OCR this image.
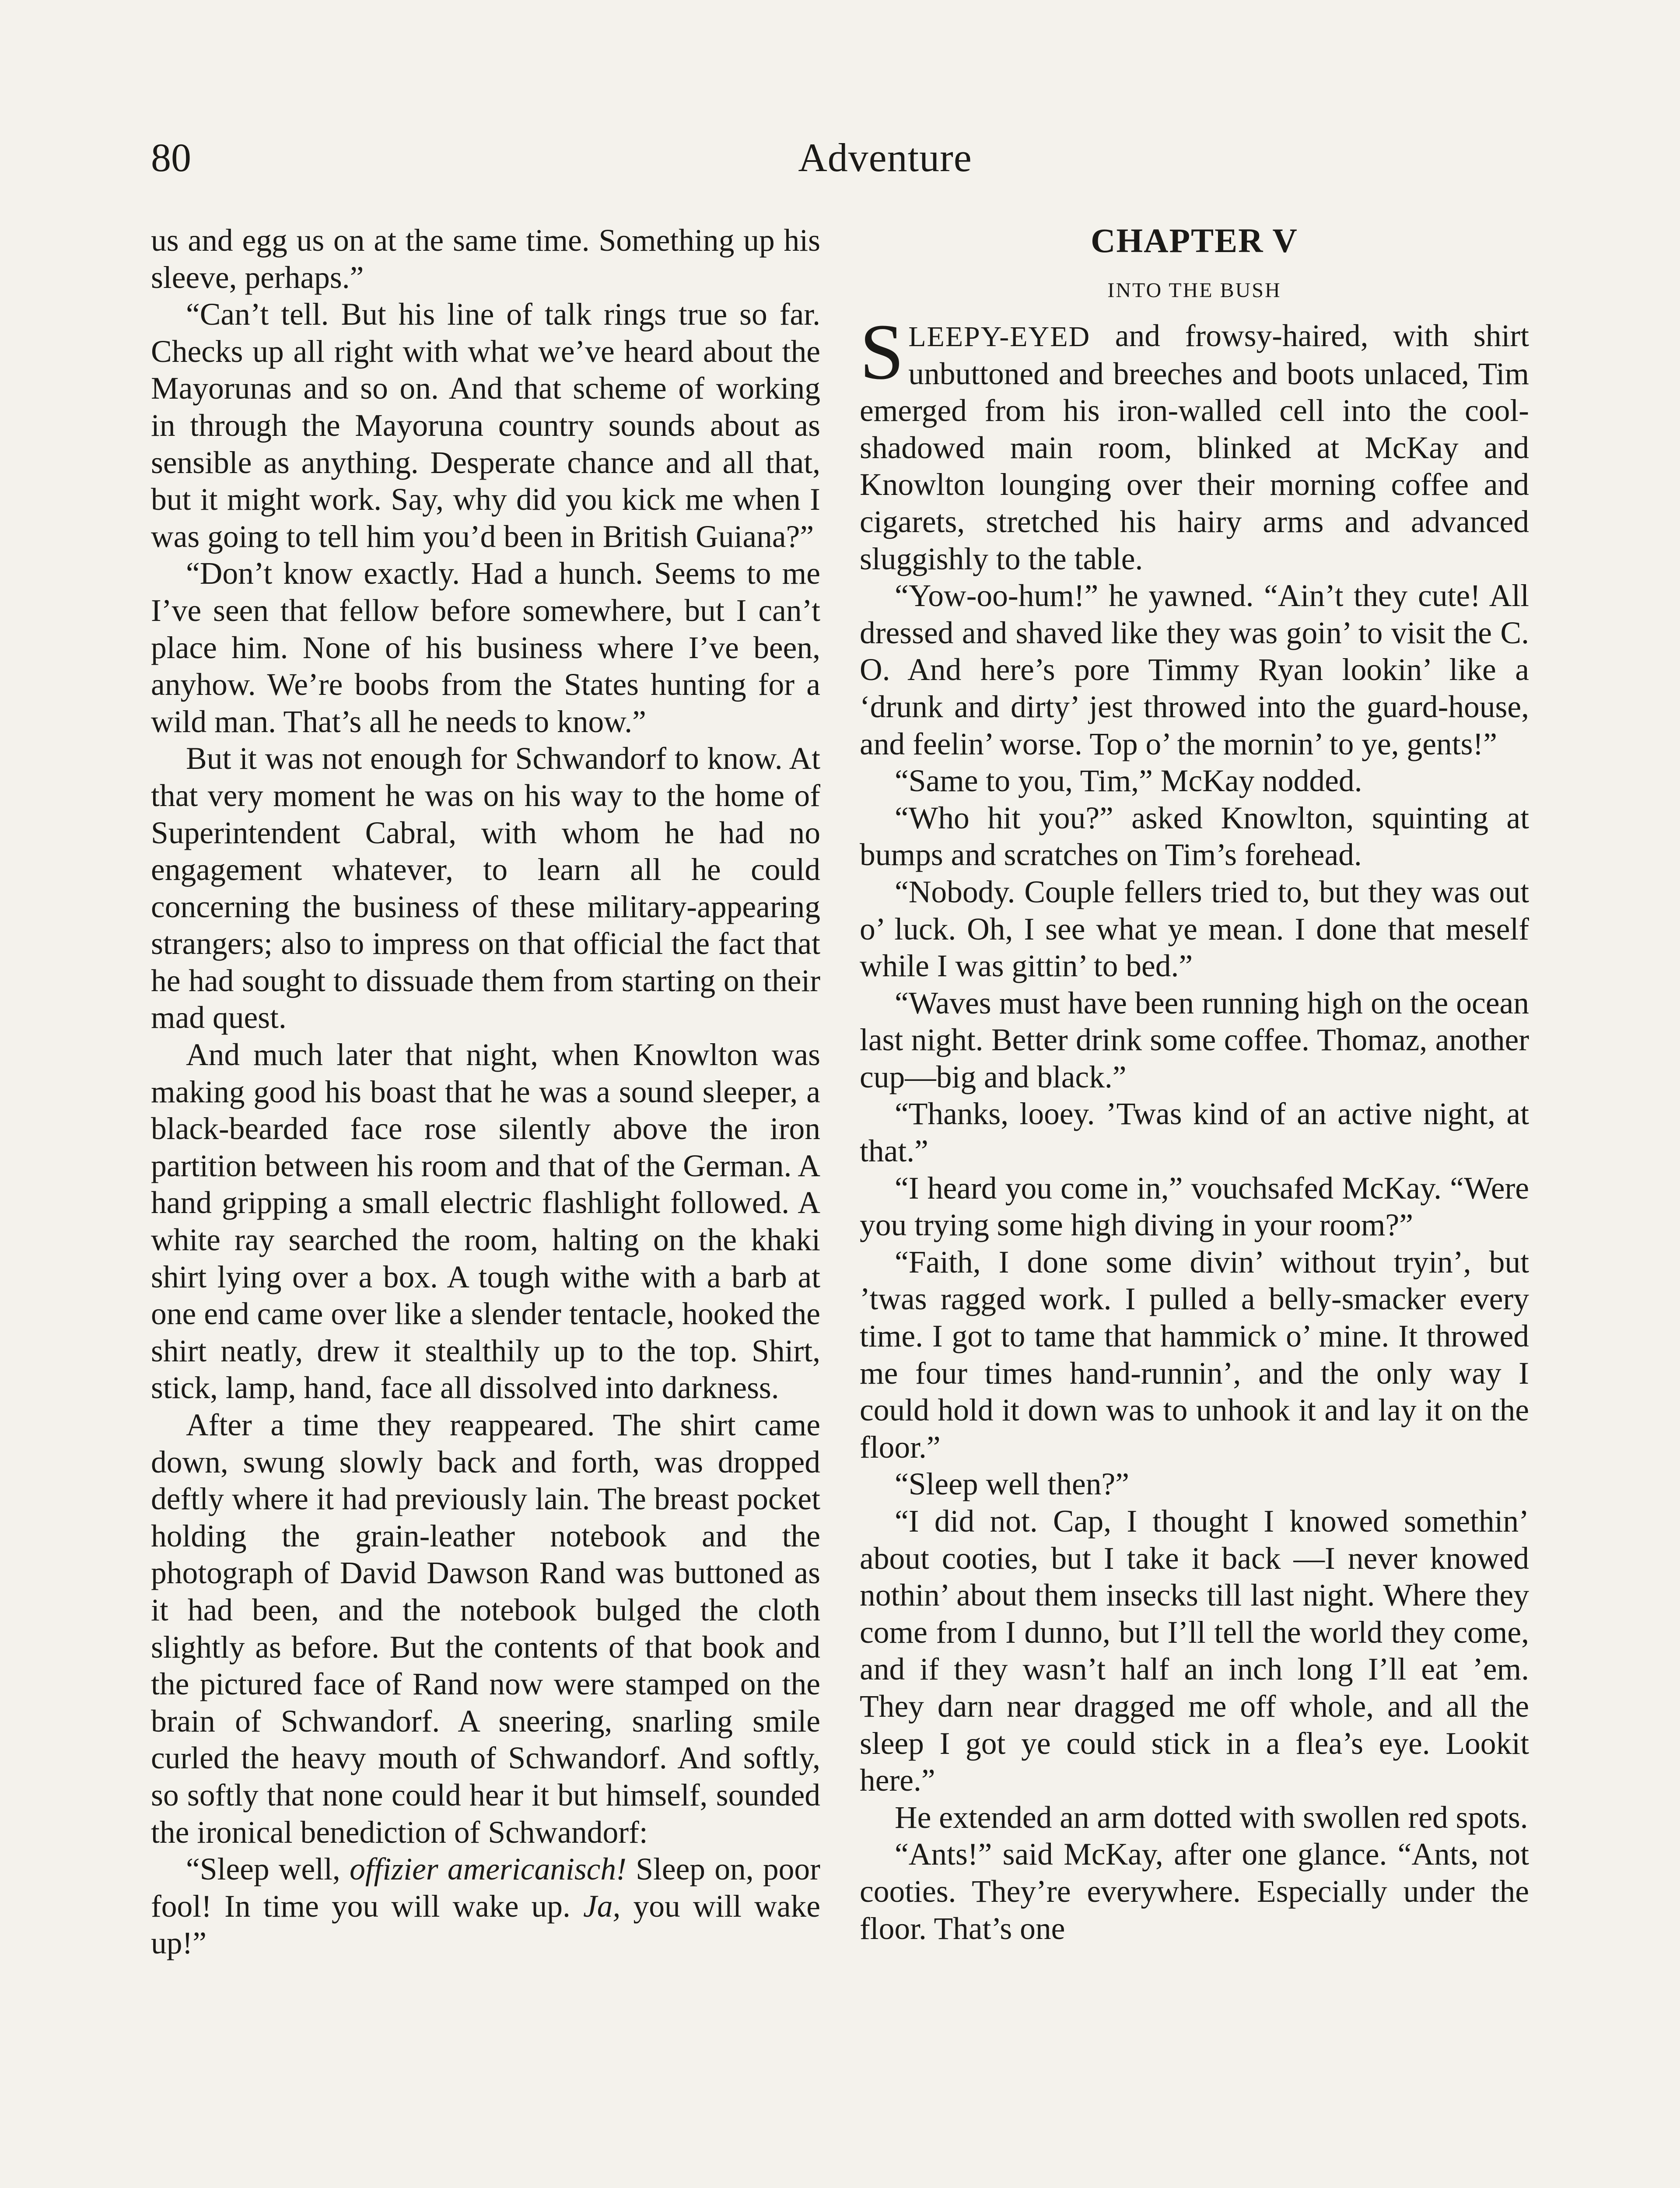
80	Adventure

us and egg us on at the same time. Something up his sleeve, perhaps.”

“Can’t tell. But his line of talk rings true so far. Checks up all right with what we’ve heard about the Mayorunas and so on. And that scheme of working in through the Mayoruna country sounds about as sensible as anything. Desperate chance and all that, but it might work. Say, why did you kick me when I was going to tell him you’d been in British Guiana?”

“Don’t know exactly. Had a hunch. Seems to me I’ve seen that fellow before somewhere, but I can’t place him. None of his business where I’ve been, anyhow. We’re boobs from the States hunting for a wild man. That’s all he needs to know.”

But it was not enough for Schwandorf to know. At that very moment he was on his way to the home of Superintendent Cabral, with whom he had no engagement whatever, to learn all he could concerning the business of these military-appearing strangers; also to impress on that official the fact that he had sought to dissuade them from starting on their mad quest.

And much later that night, when Knowlton was making good his boast that he was a sound sleeper, a black-bearded face rose silently above the iron partition between his room and that of the German. A hand gripping a small electric flashlight followed. A white ray searched the room, halting on the khaki shirt lying over a box. A tough withe with a barb at one end came over like a slender tentacle, hooked the shirt neatly, drew it stealthily up to the top. Shirt, stick, lamp, hand, face all dissolved into darkness.

After a time they reappeared. The shirt came down, swung slowly back and forth, was dropped deftly where it had previously lain. The breast pocket holding the grain-leather notebook and the photograph of David Dawson Rand was buttoned as it had been, and the notebook bulged the cloth slightly as before. But the contents of that book and the pictured face of Rand now were stamped on the brain of Schwandorf. A sneering, snarling smile curled the heavy mouth of Schwandorf. And softly, so softly that none could hear it but himself, sounded the ironical benediction of Schwandorf:

“Sleep well, offizier americanisch! Sleep on, poor fool! In time you will wake up. Ja, you will wake up!”

CHAPTER V
INTO THE BUSH

SLEEPY-EYED and frowsy-haired, with shirt unbuttoned and breeches and boots unlaced, Tim emerged from his iron-walled cell into the cool-shadowed main room, blinked at McKay and Knowlton lounging over their morning coffee and cigarets, stretched his hairy arms and advanced sluggishly to the table.

“Yow-oo-hum!” he yawned. “Ain’t they cute! All dressed and shaved like they was goin’ to visit the C. O. And here’s pore Timmy Ryan lookin’ like a ‘drunk and dirty’ jest throwed into the guard-house, and feelin’ worse. Top o’ the mornin’ to ye, gents!”

“Same to you, Tim,” McKay nodded.

“Who hit you?” asked Knowlton, squinting at bumps and scratches on Tim’s forehead.

“Nobody. Couple fellers tried to, but they was out o’ luck. Oh, I see what ye mean. I done that meself while I was gittin’ to bed.”

“Waves must have been running high on the ocean last night. Better drink some coffee. Thomaz, another cup—big and black.”

“Thanks, looey. ’Twas kind of an active night, at that.”

“I heard you come in,” vouchsafed McKay. “Were you trying some high diving in your room?”

“Faith, I done some divin’ without tryin’, but ’twas ragged work. I pulled a belly-smacker every time. I got to tame that hammick o’ mine. It throwed me four times hand-runnin’, and the only way I could hold it down was to unhook it and lay it on the floor.”

“Sleep well then?”

“I did not. Cap, I thought I knowed somethin’ about cooties, but I take it back —I never knowed nothin’ about them insecks till last night. Where they come from I dunno, but I’ll tell the world they come, and if they wasn’t half an inch long I’ll eat ’em. They darn near dragged me off whole, and all the sleep I got ye could stick in a flea’s eye. Lookit here.”

He extended an arm dotted with swollen red spots.

“Ants!” said McKay, after one glance. “Ants, not cooties. They’re everywhere. Especially under the floor. That’s one
